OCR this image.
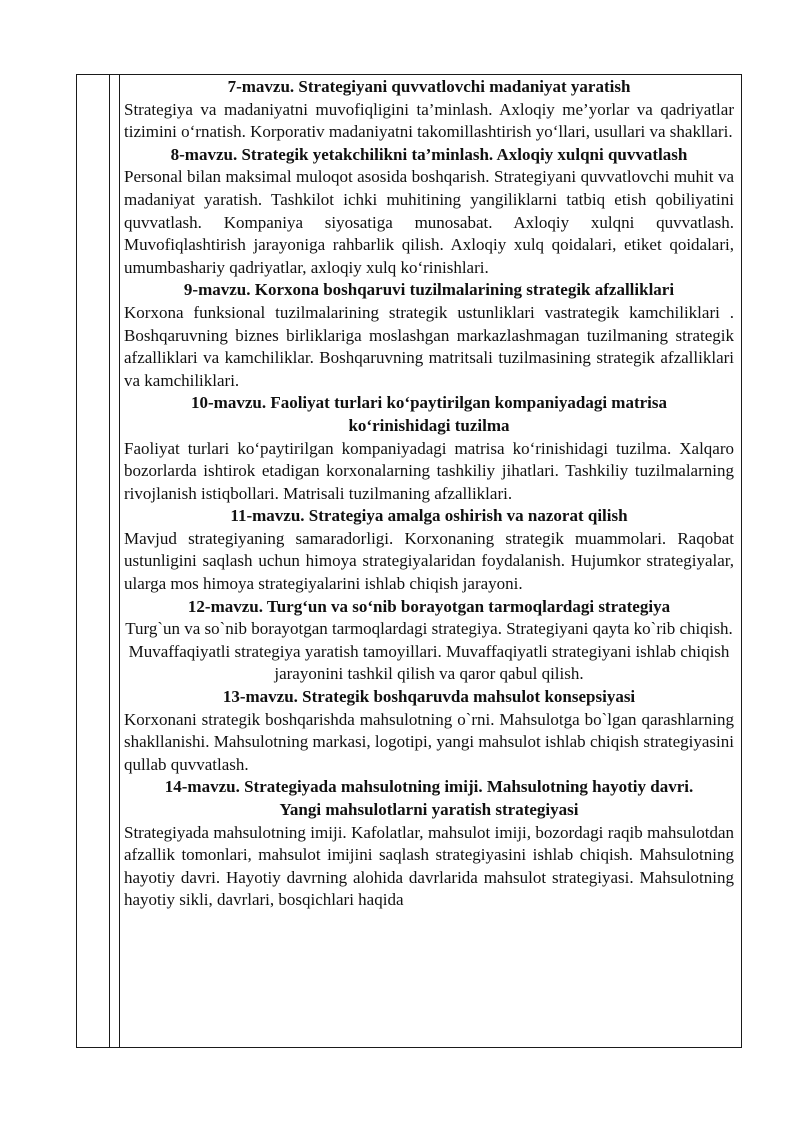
7-mavzu. Strategiyani quvvatlovchi madaniyat yaratish
Strategiya va madaniyatni muvofiqligini ta’minlash. Axloqiy me’yorlar va qadriyatlar tizimini o‘rnatish. Korporativ madaniyatni takomillashtirish yo‘llari, usullari va shakllari.
8-mavzu. Strategik yetakchilikni ta’minlash. Axloqiy xulqni quvvatlash
Personal bilan maksimal muloqot asosida boshqarish. Strategiyani quvvatlovchi muhit va madaniyat yaratish. Tashkilot ichki muhitining yangiliklarni tatbiq etish qobiliyatini quvvatlash. Kompaniya siyosatiga munosabat. Axloqiy xulqni quvvatlash. Muvofiqlashtirish jarayoniga rahbarlik qilish. Axloqiy xulq qoidalari, etiket qoidalari, umumbashariy qadriyatlar, axloqiy xulq ko‘rinishlari.
9-mavzu. Korxona boshqaruvi tuzilmalarining strategik afzalliklari
Korxona funksional tuzilmalarining strategik ustunliklari vastrategik kamchiliklari . Boshqaruvning biznes birliklariga moslashgan markazlashmagan tuzilmaning strategik afzalliklari va kamchiliklar. Boshqaruvning matritsali tuzilmasining strategik afzalliklari va kamchiliklari.
10-mavzu. Faoliyat turlari ko‘paytirilgan kompaniyadagi matrisa
ko‘rinishidagi tuzilma
Faoliyat turlari ko‘paytirilgan kompaniyadagi matrisa ko‘rinishidagi tuzilma. Xalqaro bozorlarda ishtirok etadigan korxonalarning tashkiliy jihatlari. Tashkiliy tuzilmalarning rivojlanish istiqbollari. Matrisali tuzilmaning afzalliklari.
11-mavzu. Strategiya amalga oshirish va nazorat qilish
Mavjud strategiyaning samaradorligi. Korxonaning strategik muammolari. Raqobat ustunligini saqlash uchun himoya strategiyalaridan foydalanish. Hujumkor strategiyalar, ularga mos himoya strategiyalarini ishlab chiqish jarayoni.
12-mavzu. Turg‘un va so‘nib borayotgan tarmoqlardagi strategiya
Turg`un va so`nib borayotgan tarmoqlardagi strategiya. Strategiyani qayta ko`rib chiqish. Muvaffaqiyatli strategiya yaratish tamoyillari. Muvaffaqiyatli strategiyani ishlab chiqish jarayonini tashkil qilish va qaror qabul qilish.
13-mavzu. Strategik boshqaruvda mahsulot konsepsiyasi
Korxonani strategik boshqarishda mahsulotning o`rni. Mahsulotga bo`lgan qarashlarning shakllanishi. Mahsulotning markasi, logotipi, yangi mahsulot ishlab chiqish strategiyasini qullab quvvatlash.
14-mavzu. Strategiyada mahsulotning imiji. Mahsulotning hayotiy davri.
Yangi mahsulotlarni yaratish strategiyasi
Strategiyada mahsulotning imiji. Kafolatlar, mahsulot imiji, bozordagi raqib mahsulotdan afzallik tomonlari, mahsulot imijini saqlash strategiyasini ishlab chiqish. Mahsulotning hayotiy davri. Hayotiy davrning alohida davrlarida mahsulot strategiyasi. Mahsulotning hayotiy sikli, davrlari, bosqichlari haqida
